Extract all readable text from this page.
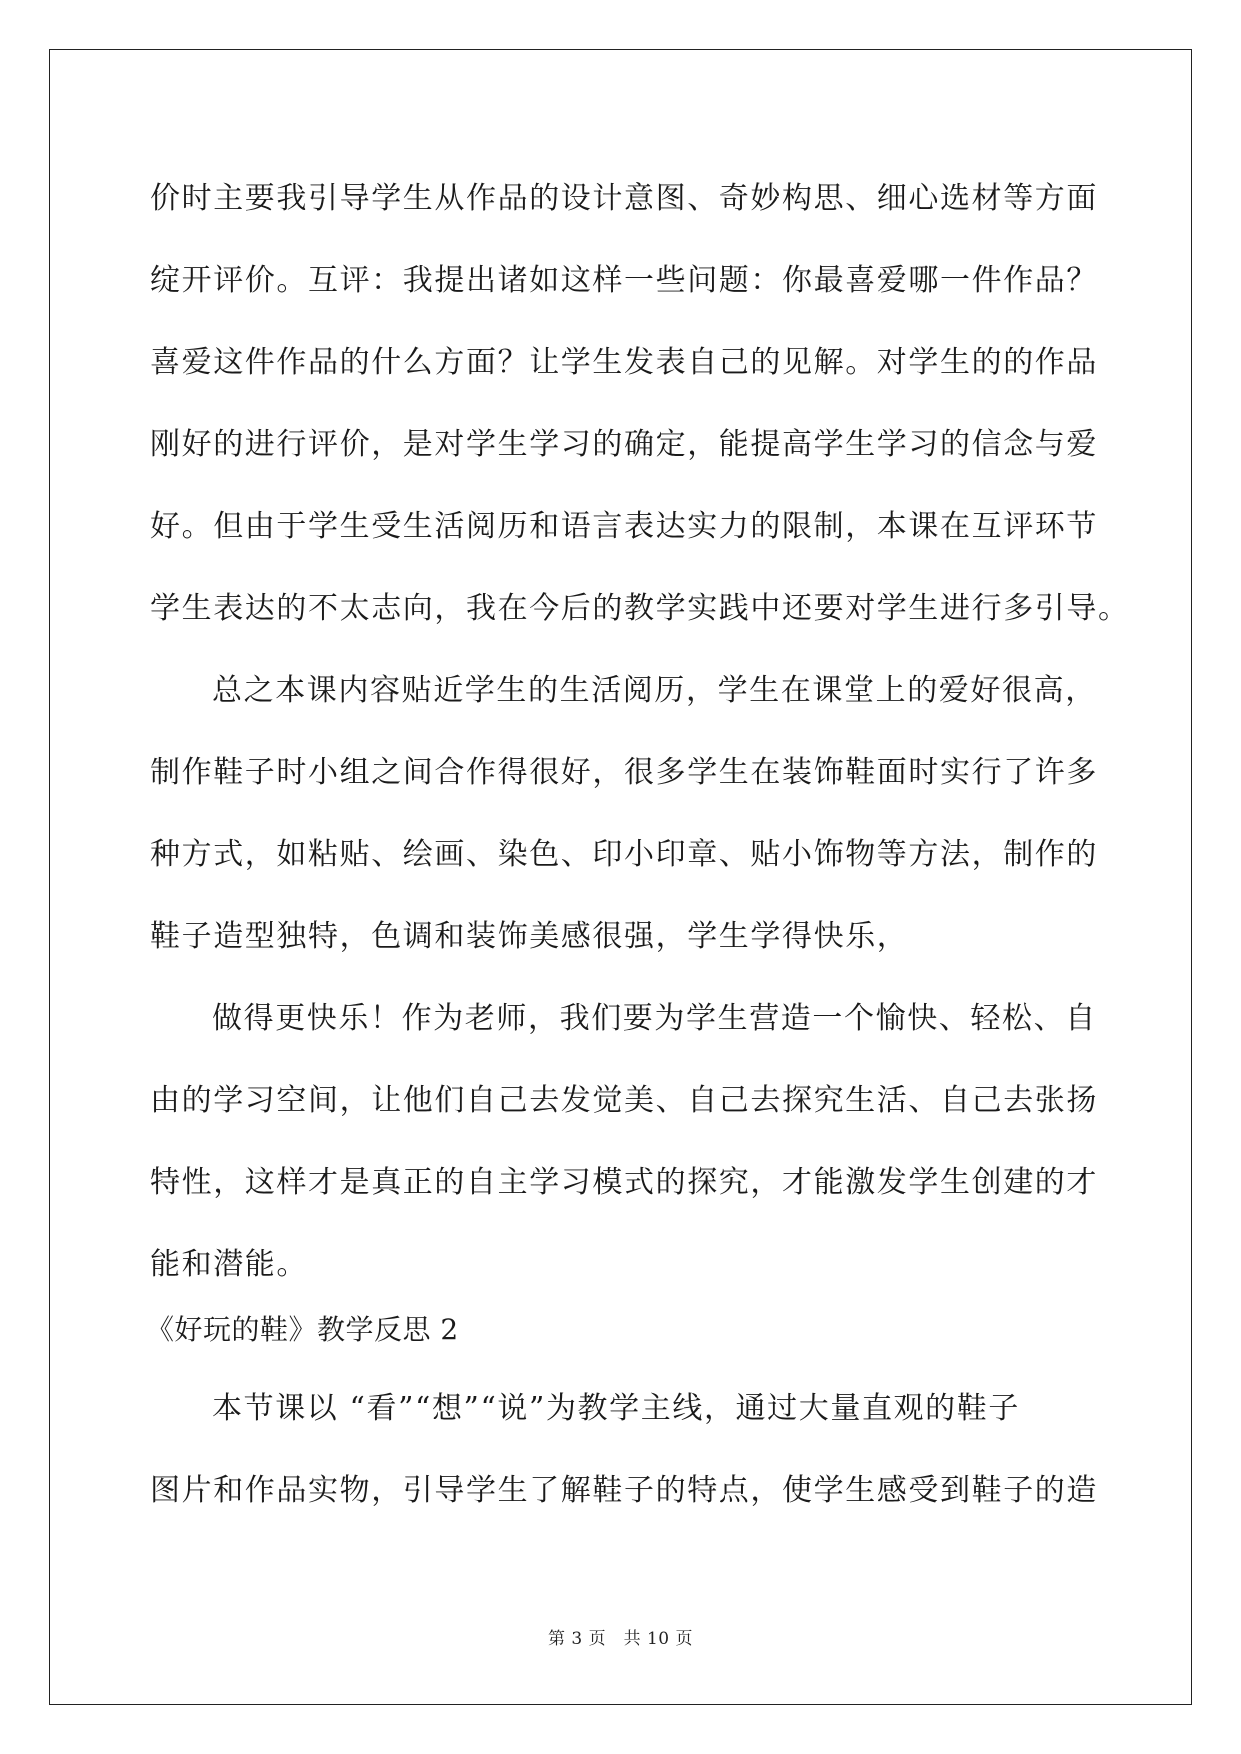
价时主要我引导学生从作品的设计意图、奇妙构思、细心选材等方面
绽开评价。互评：我提出诸如这样一些问题：你最喜爱哪一件作品？
喜爱这件作品的什么方面？让学生发表自己的见解。对学生的的作品
刚好的进行评价，是对学生学习的确定，能提高学生学习的信念与爱
好。但由于学生受生活阅历和语言表达实力的限制，本课在互评环节
学生表达的不太志向，我在今后的教学实践中还要对学生进行多引导。
总之本课内容贴近学生的生活阅历，学生在课堂上的爱好很高，
制作鞋子时小组之间合作得很好，很多学生在装饰鞋面时实行了许多
种方式，如粘贴、绘画、染色、印小印章、贴小饰物等方法，制作的
鞋子造型独特，色调和装饰美感很强，学生学得快乐，
做得更快乐！作为老师，我们要为学生营造一个愉快、轻松、自
由的学习空间，让他们自己去发觉美、自己去探究生活、自己去张扬
特性，这样才是真正的自主学习模式的探究，才能激发学生创建的才
能和潜能。
《好玩的鞋》教学反思 2
本节课以 “看”“想”“说”为教学主线，通过大量直观的鞋子
图片和作品实物，引导学生了解鞋子的特点，使学生感受到鞋子的造
第 3 页　共 10 页
